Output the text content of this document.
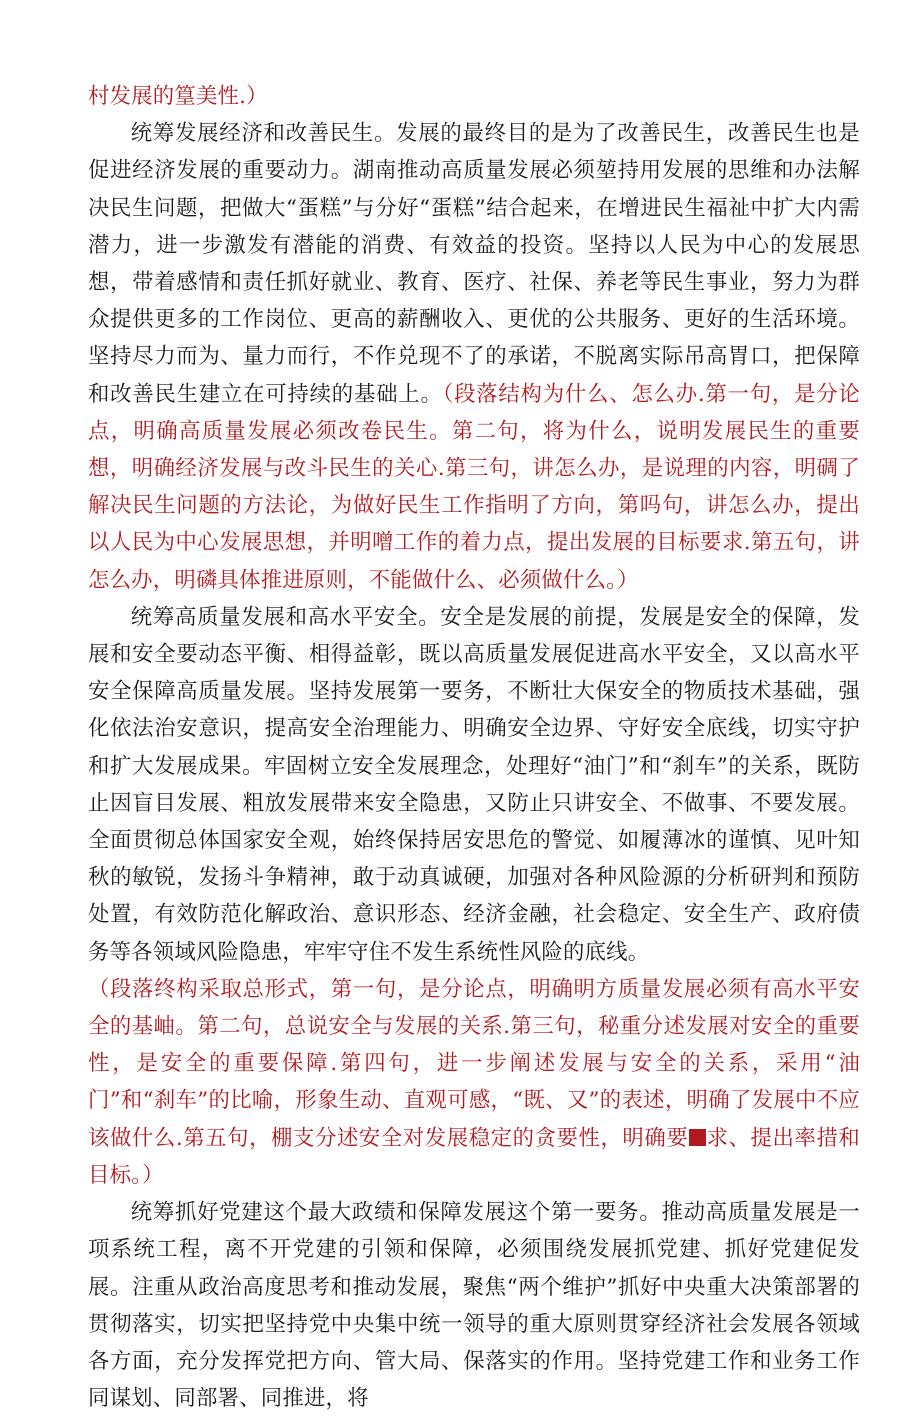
村发展的篁美性.）

统筹发展经济和改善民生。发展的最终目的是为了改善民生，改善民生也是促进经济发展的重要动力。湖南推动高质量发展必须堃持用发展的思维和办法解决民生问题，把做大“蛋糕”与分好“蛋糕”结合起来，在增进民生福祉中扩大内需潜力，进一步激发有潜能的消费、有效益的投资。坚持以人民为中心的发展思想，带着感情和责任抓好就业、教育、医疗、社保、养老等民生事业，努力为群众提供更多的工作岗位、更高的薪酬收入、更优的公共服务、更好的生活环境。坚持尽力而为、量力而行，不作兑现不了的承诺，不脱离实际吊高胃口，把保障和改善民生建立在可持续的基础上。（段落结构为什么、怎么办.第一句，是分论点，明确高质量发展必须改卷民生。第二句，将为什么，说明发展民生的重要想，明确经济发展与改斗民生的关心.第三句，讲怎么办，是说理的内容，明碉了解决民生问题的方法论，为做好民生工作指明了方向，第吗句，讲怎么办，提出以人民为中心发展思想，并明噌工作的着力点，提出发展的目标要求.第五句，讲怎么办，明磷具体推进原则，不能做什么、必须做什么。）

统筹高质量发展和高水平安全。安全是发展的前提，发展是安全的保障，发展和安全要动态平衡、相得益彰，既以高质量发展促进高水平安全，又以高水平安全保障高质量发展。坚持发展第一要务，不断壮大保安全的物质技术基础，强化依法治安意识，提高安全治理能力、明确安全边界、守好安全底线，切实守护和扩大发展成果。牢固树立安全发展理念，处理好“油门”和“刹车”的关系，既防止因盲目发展、粗放发展带来安全隐患，又防止只讲安全、不做事、不要发展。全面贯彻总体国家安全观，始终保持居安思危的警觉、如履薄冰的谨慎、见叶知秋的敏锐，发扬斗争精神，敢于动真诚硬，加强对各种风险源的分析研判和预防处置，有效防范化解政治、意识形态、经济金融，社会稳定、安全生产、政府债务等各领域风险隐患，牢牢守住不发生系统性风险的底线。

（段落终构采取总形式，第一句，是分论点，明确明方质量发展必须有高水平安全的基岫。第二句，总说安全与发展的关系.第三句，秘重分述发展对安全的重要性，是安全的重要保障.第四句，进一步阐述发展与安全的关系，采用“油门”和“刹车”的比喻，形象生动、直观可感，“既、又”的表述，明确了发展中不应该做什么.第五句，棚支分述安全对发展稳定的贪要性，明确要 求、提出率措和目标。）

统筹抓好党建这个最大政绩和保障发展这个第一要务。推动高质量发展是一项系统工程，离不开党建的引领和保障，必须围绕发展抓党建、抓好党建促发展。注重从政治高度思考和推动发展，聚焦“两个维护”抓好中央重大决策部署的贯彻落实，切实把坚持党中央集中统一领导的重大原则贯穿经济社会发展各领域各方面，充分发挥党把方向、管大局、保落实的作用。坚持党建工作和业务工作同谋划、同部署、同推进，将
